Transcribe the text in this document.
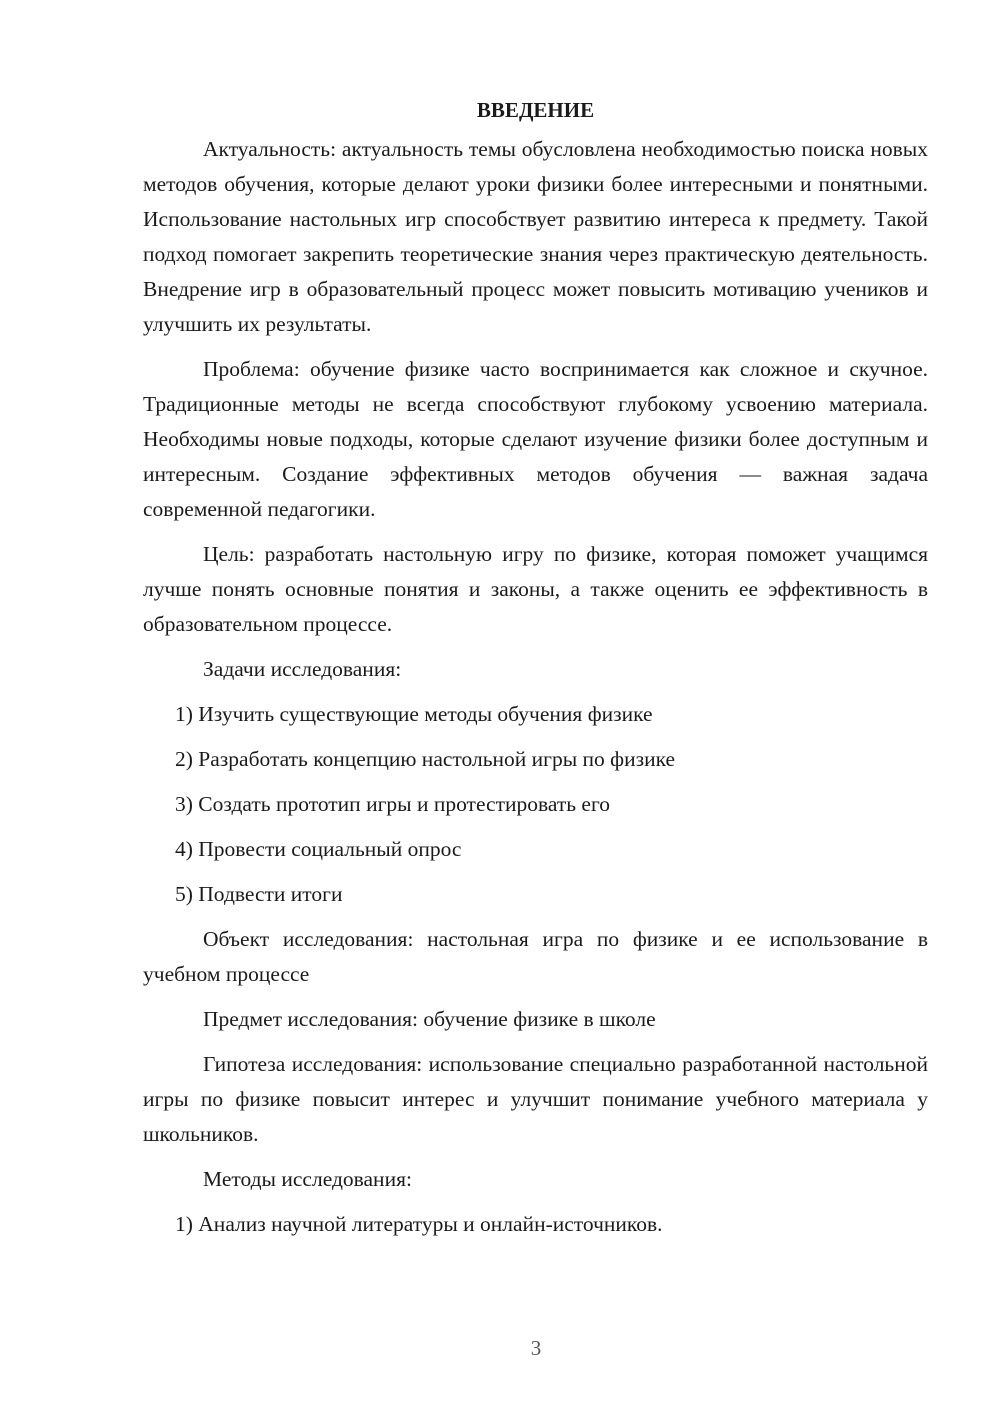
ВВЕДЕНИЕ

Актуальность: актуальность темы обусловлена необходимостью поиска новых методов обучения, которые делают уроки физики более интересными и понятными. Использование настольных игр способствует развитию интереса к предмету. Такой подход помогает закрепить теоретические знания через практическую деятельность. Внедрение игр в образовательный процесс может повысить мотивацию учеников и улучшить их результаты.

Проблема: обучение физике часто воспринимается как сложное и скучное. Традиционные методы не всегда способствуют глубокому усвоению материала. Необходимы новые подходы, которые сделают изучение физики более доступным и интересным. Создание эффективных методов обучения — важная задача современной педагогики.

Цель: разработать настольную игру по физике, которая поможет учащимся лучше понять основные понятия и законы, а также оценить ее эффективность в образовательном процессе.

Задачи исследования:

1) Изучить существующие методы обучения физике

2) Разработать концепцию настольной игры по физике

3) Создать прототип игры и протестировать его

4) Провести социальный опрос

5) Подвести итоги

Объект исследования: настольная игра по физике и ее использование в учебном процессе

Предмет исследования: обучение физике в школе

Гипотеза исследования: использование специально разработанной настольной игры по физике повысит интерес и улучшит понимание учебного материала у школьников.

Методы исследования:

1) Анализ научной литературы и онлайн-источников.

3
